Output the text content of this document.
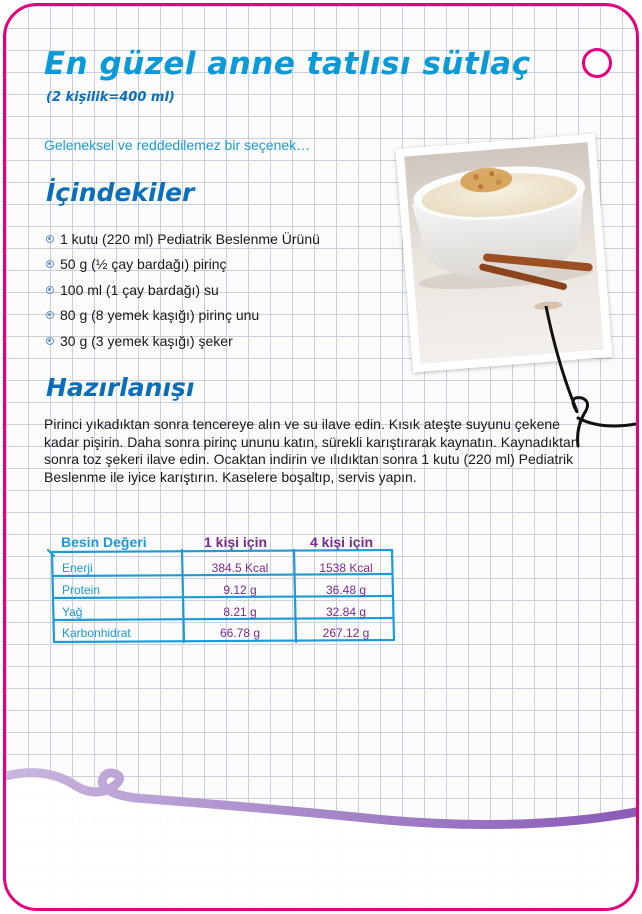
En güzel anne tatlısı sütlaç
(2 kişilik=400 ml)
Geleneksel ve reddedilemez bir seçenek…
İçindekiler
1 kutu (220 ml) Pediatrik Beslenme Ürünü
50 g (½ çay bardağı) pirinç
100 ml (1 çay bardağı) su
80 g (8 yemek kaşığı) pirinç unu
30 g (3 yemek kaşığı) şeker
Hazırlanışı

Pirinci yıkadıktan sonra tencereye alın ve su ilave edin. Kısık ateşte suyunu çekene kadar pişirin. Daha sonra pirinç ununu katın, sürekli karıştırarak kaynatın. Kaynadıktan sonra toz şekeri ilave edin. Ocaktan indirin ve ılıdıktan sonra 1 kutu (220 ml) Pediatrik Beslenme ile iyice karıştırın. Kaselere boşaltıp, servis yapın.

Besin Değeri	1 kişi için	4 kişi için
Enerji	384.5 Kcal	1538 Kcal
Protein	9.12 g	36.48 g
Yağ	8.21 g	32.84 g
Karbonhidrat	66.78 g	267.12 g
